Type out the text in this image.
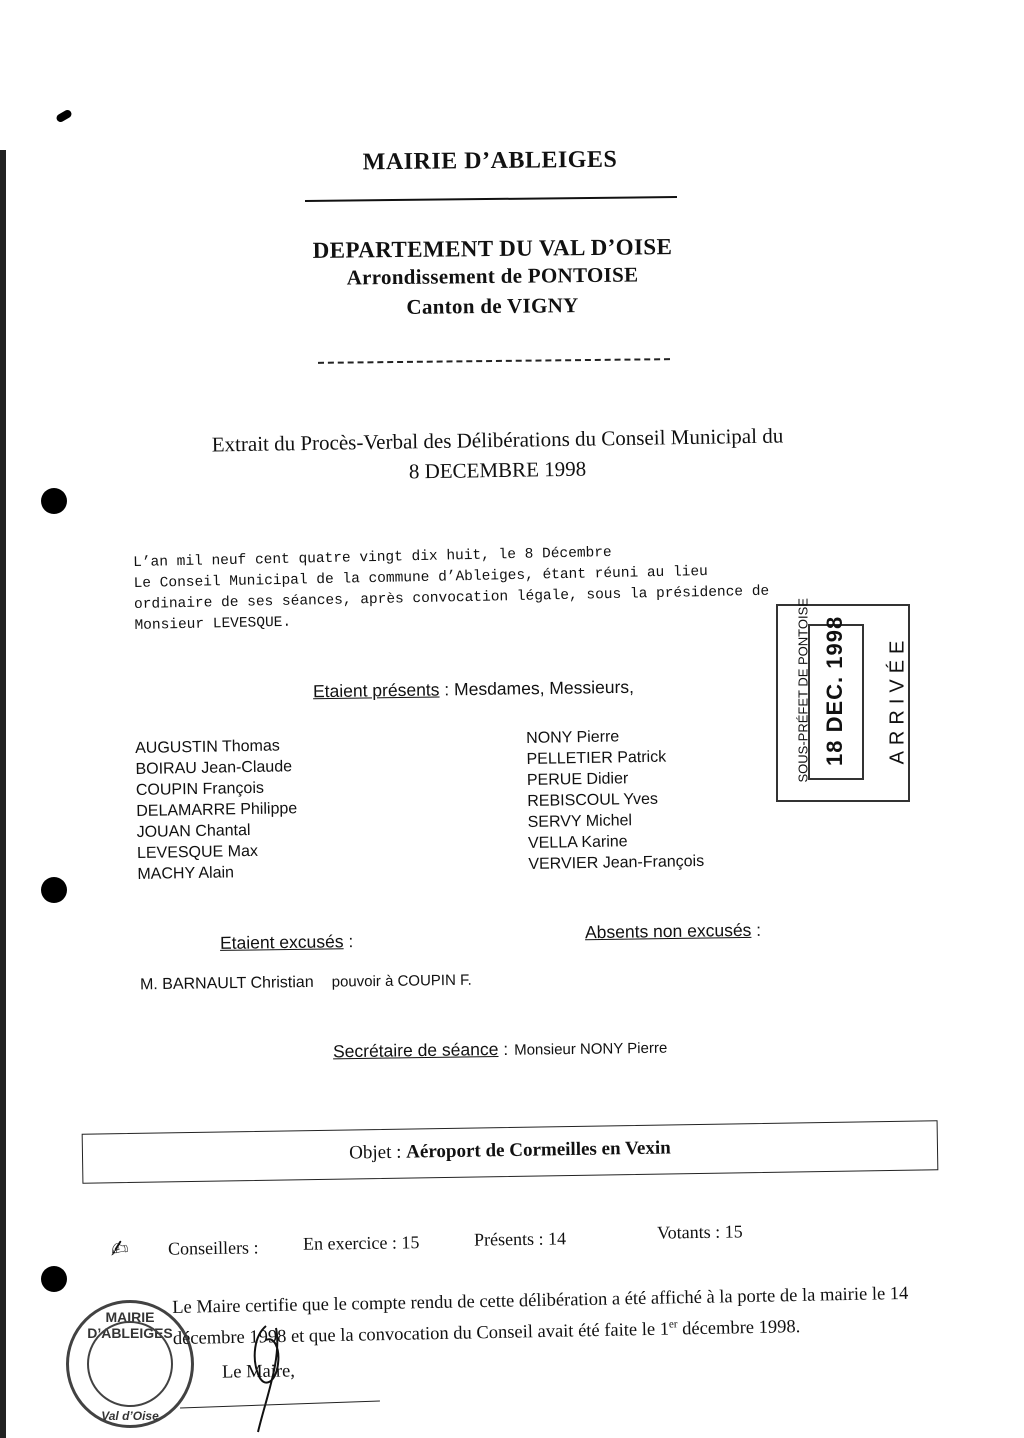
MAIRIE D’ABLEIGES
DEPARTEMENT DU VAL D’OISE
Arrondissement de PONTOISE
Canton de VIGNY
Extrait du Procès-Verbal des Délibérations du Conseil Municipal du
8 DECEMBRE 1998
L’an mil neuf cent quatre vingt dix huit, le 8 Décembre
Le Conseil Municipal de la commune d’Ableiges, étant réuni au lieu
ordinaire de ses séances, après convocation légale, sous la présidence de
Monsieur LEVESQUE.	SOUS-PRÉFET DE PONTOISE 18 DEC. 1998 ARRIVÉE
Etaient présents : Mesdames, Messieurs,
AUGUSTIN Thomas
BOIRAU Jean-Claude
COUPIN François
DELAMARRE Philippe
JOUAN Chantal
LEVESQUE Max
MACHY Alain
NONY Pierre
PELLETIER Patrick
PERUE Didier
REBISCOUL Yves
SERVY Michel
VELLA Karine
VERVIER Jean-François
Etaient excusés :	Absents non excusés :
M. BARNAULT Christian pouvoir à COUPIN F.
Secrétaire de séance : Monsieur NONY Pierre
Objet : Aéroport de Cormeilles en Vexin
✍ Conseillers : En exercice : 15	Présents : 14	Votants : 15
Le Maire certifie que le compte rendu de cette délibération a été affiché à la porte de la mairie le 14
décembre 1998 et que la convocation du Conseil avait été faite le 1er décembre 1998.
MAIRIE D’ABLEIGES
Val d’Oise
Le Maire,
